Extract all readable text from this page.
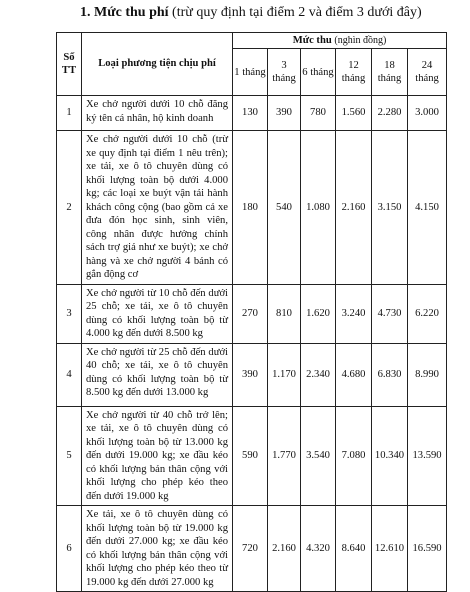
1. Mức thu phí (trừ quy định tại điểm 2 và điểm 3 dưới đây)
Số TT	Loại phương tiện chịu phí	Mức thu (nghìn đồng)					
		1 tháng	3 tháng	6 tháng	12 tháng	18 tháng	24 tháng
1	Xe chở người dưới 10 chỗ đăng ký tên cá nhân, hộ kinh doanh	130	390	780	1.560	2.280	3.000
2	Xe chở người dưới 10 chỗ (trừ xe quy định tại điểm 1 nêu trên); xe tải, xe ô tô chuyên dùng có khối lượng toàn bộ dưới 4.000 kg; các loại xe buýt vận tải hành khách công cộng (bao gồm cả xe đưa đón học sinh, sinh viên, công nhân được hưởng chính sách trợ giá như xe buýt); xe chở hàng và xe chở người 4 bánh có gắn động cơ	180	540	1.080	2.160	3.150	4.150
3	Xe chở người từ 10 chỗ đến dưới 25 chỗ; xe tải, xe ô tô chuyên dùng có khối lượng toàn bộ từ 4.000 kg đến dưới 8.500 kg	270	810	1.620	3.240	4.730	6.220
4	Xe chở người từ 25 chỗ đến dưới 40 chỗ; xe tải, xe ô tô chuyên dùng có khối lượng toàn bộ từ 8.500 kg đến dưới 13.000 kg	390	1.170	2.340	4.680	6.830	8.990
5	Xe chở người từ 40 chỗ trở lên; xe tải, xe ô tô chuyên dùng có khối lượng toàn bộ từ 13.000 kg đến dưới 19.000 kg; xe đầu kéo có khối lượng bản thân cộng với khối lượng cho phép kéo theo đến dưới 19.000 kg	590	1.770	3.540	7.080	10.340	13.590
6	Xe tải, xe ô tô chuyên dùng có khối lượng toàn bộ từ 19.000 kg đến dưới 27.000 kg; xe đầu kéo có khối lượng bản thân cộng với khối lượng cho phép kéo theo từ 19.000 kg đến dưới 27.000 kg	720	2.160	4.320	8.640	12.610	16.590
